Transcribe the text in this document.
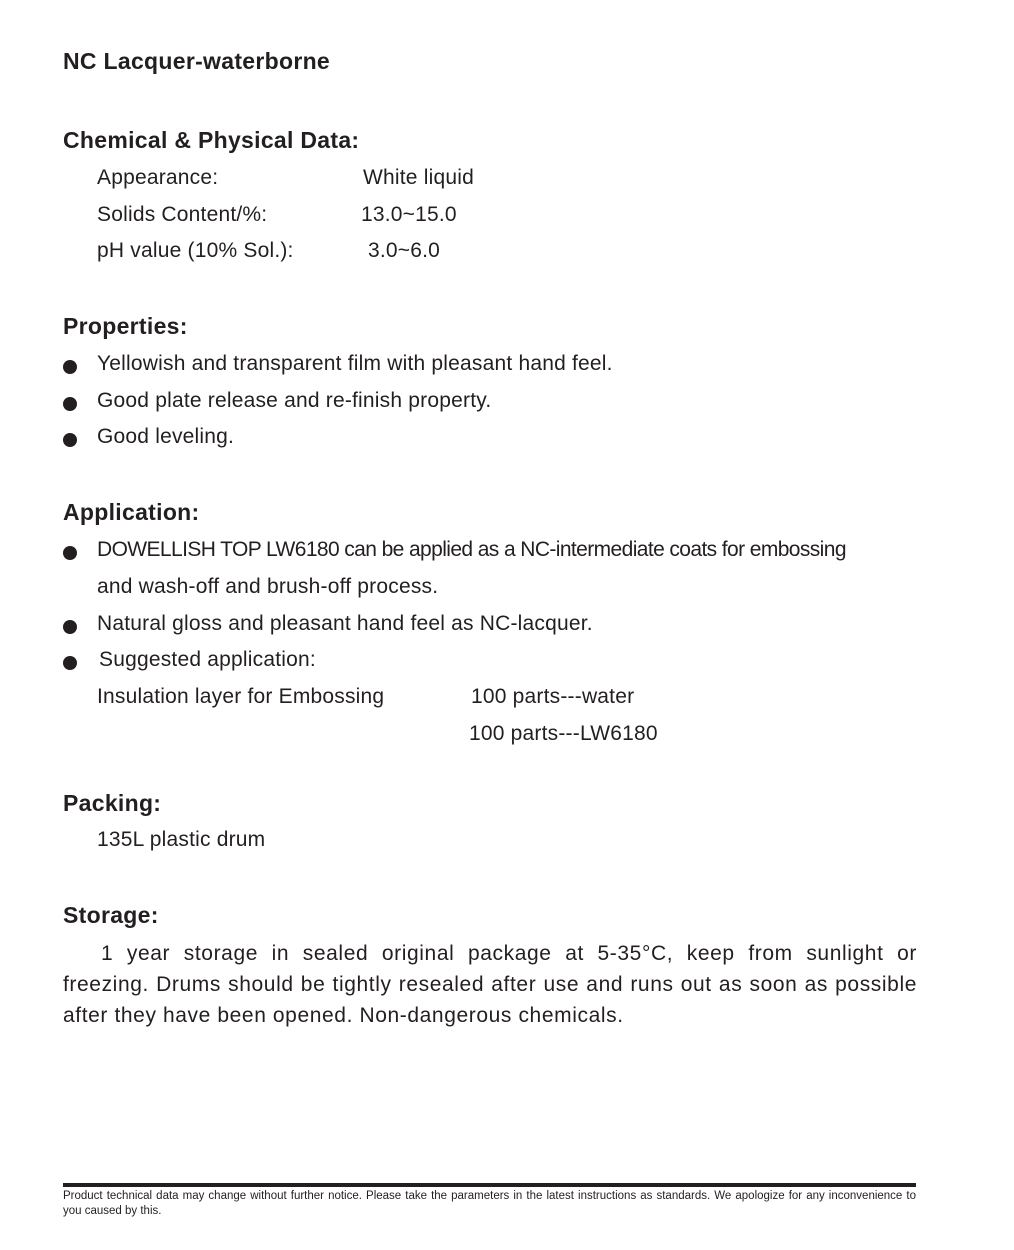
NC Lacquer-waterborne
Chemical & Physical Data:
Appearance:	White liquid
Solids Content/%:	13.0~15.0
pH value (10% Sol.):	3.0~6.0
Properties:
Yellowish and transparent film with pleasant hand feel.
Good plate release and re-finish property.
Good leveling.
Application:
DOWELLISH TOP LW6180 can be applied as a NC-intermediate coats for embossing
and wash-off and brush-off process.
Natural gloss and pleasant hand feel as NC-lacquer.
Suggested application:
Insulation layer for Embossing	100 parts---water
100 parts---LW6180
Packing:
135L plastic drum
Storage:
1 year storage in sealed original package at 5-35°C, keep from sunlight or freezing. Drums should be tightly resealed after use and runs out as soon as possible after they have been opened. Non-dangerous chemicals.
Product technical data may change without further notice. Please take the parameters in the latest instructions as standards. We apologize for any inconvenience to you caused by this.
